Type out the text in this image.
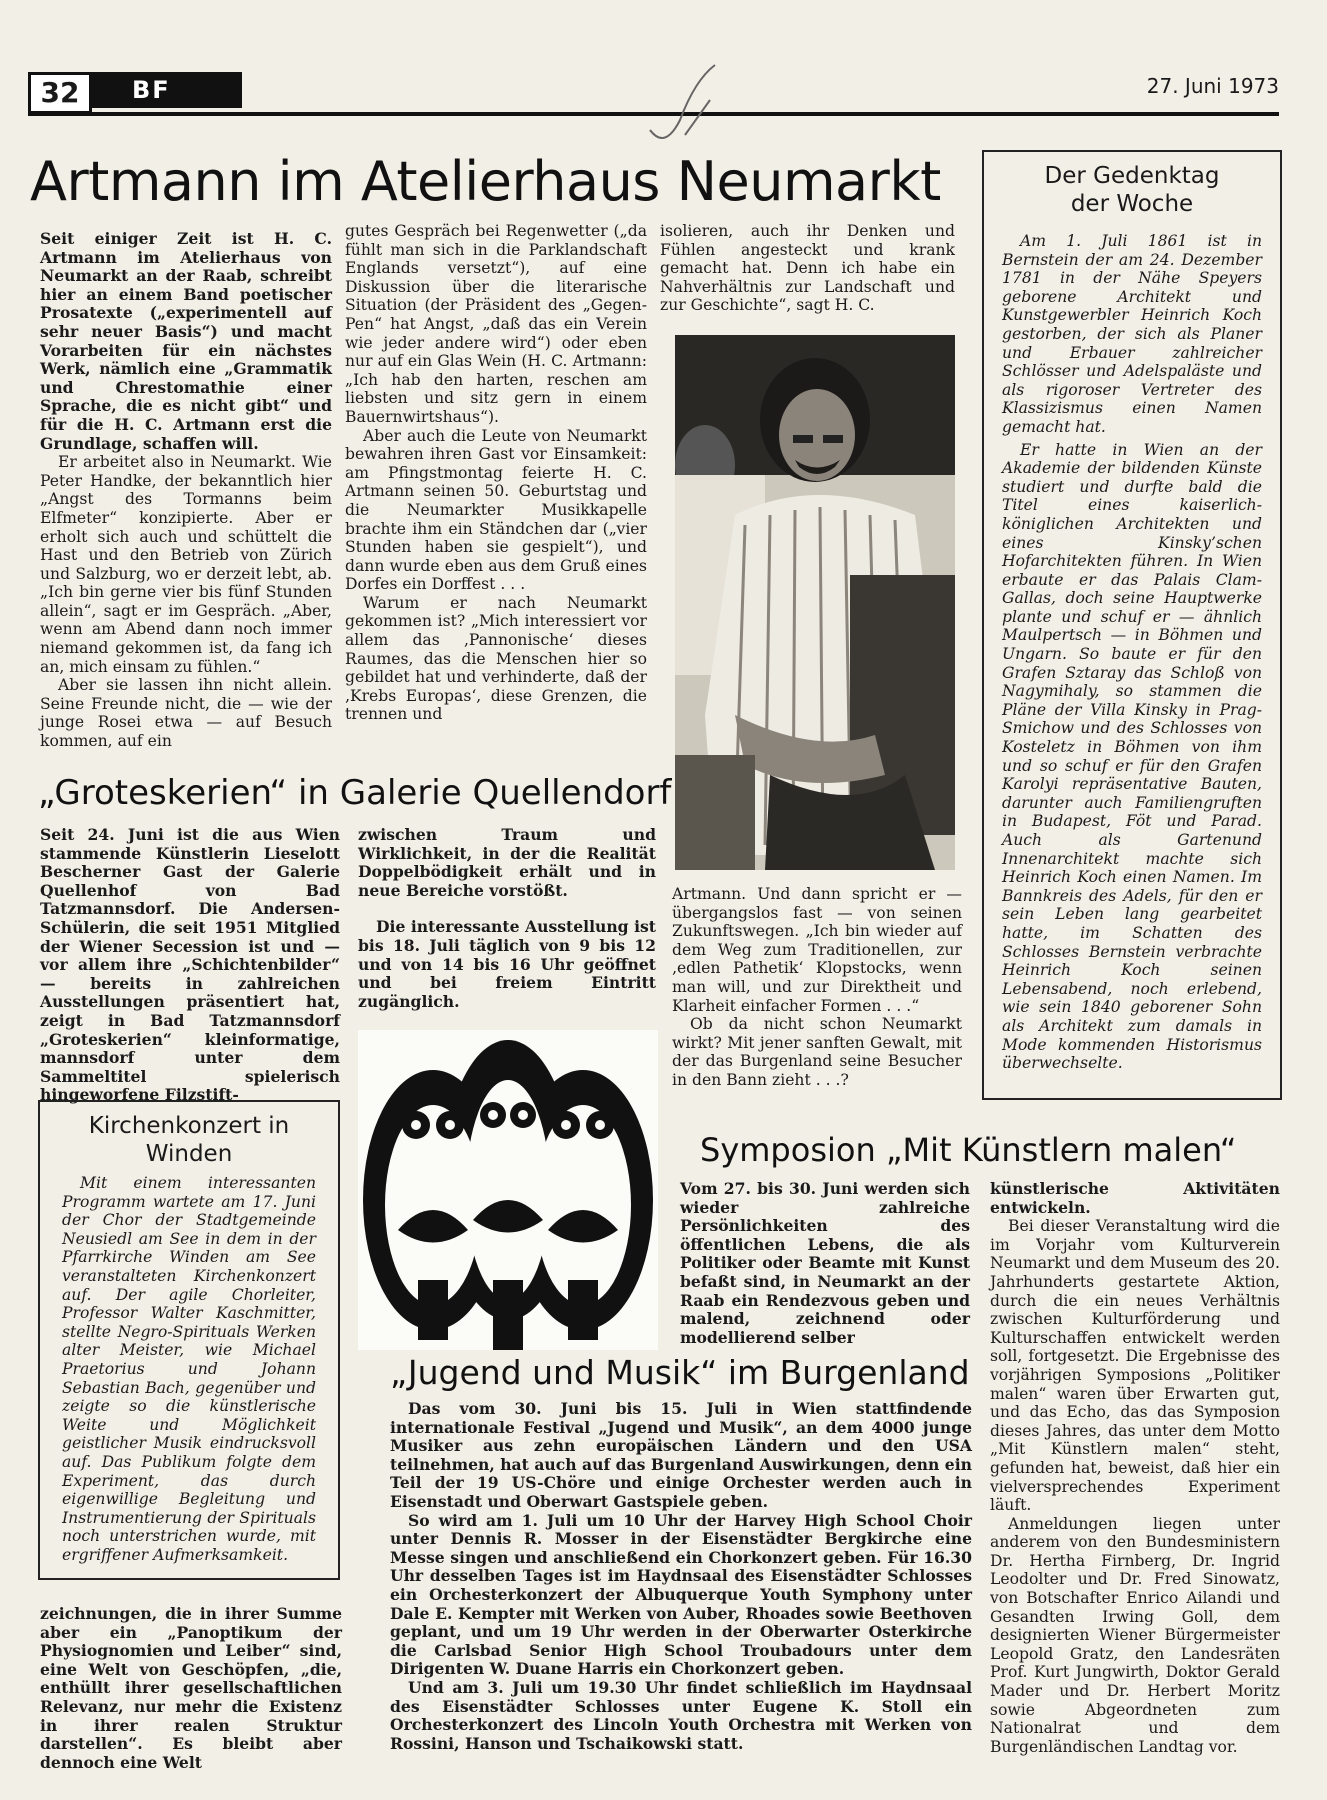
32	BF	27. Juni 1973
Artmann im Atelierhaus Neumarkt
Seit einiger Zeit ist H. C. Artmann im Atelierhaus von Neumarkt an der Raab, schreibt hier an einem Band poetischer Prosatexte („experimentell auf sehr neuer Basis“) und macht Vorarbeiten für ein nächstes Werk, nämlich eine „Grammatik und Chrestomathie einer Sprache, die es nicht gibt“ und für die H. C. Artmann erst die Grundlage, schaffen will.
Er arbeitet also in Neumarkt. Wie Peter Handke, der bekanntlich hier „Angst des Tormanns beim Elfmeter“ konzipierte. Aber er erholt sich auch und schüttelt die Hast und den Betrieb von Zürich und Salzburg, wo er derzeit lebt, ab. „Ich bin gerne vier bis fünf Stunden allein“, sagt er im Gespräch. „Aber, wenn am Abend dann noch immer niemand gekommen ist, da fang ich an, mich einsam zu fühlen.“
Aber sie lassen ihn nicht allein. Seine Freunde nicht, die — wie der junge Rosei etwa — auf Besuch kommen, auf ein
gutes Gespräch bei Regenwetter („da fühlt man sich in die Parklandschaft Englands versetzt“), auf eine Diskussion über die literarische Situation (der Präsident des „Gegen-Pen“ hat Angst, „daß das ein Verein wie jeder andere wird“) oder eben nur auf ein Glas Wein (H. C. Artmann: „Ich hab den harten, reschen am liebsten und sitz gern in einem Bauernwirtshaus“).
Aber auch die Leute von Neumarkt bewahren ihren Gast vor Einsamkeit: am Pfingstmontag feierte H. C. Artmann seinen 50. Geburtstag und die Neumarkter Musikkapelle brachte ihm ein Ständchen dar („vier Stunden haben sie gespielt“), und dann wurde eben aus dem Gruß eines Dorfes ein Dorffest . . .
Warum er nach Neumarkt gekommen ist? „Mich interessiert vor allem das ‚Pannonische‘ dieses Raumes, das die Menschen hier so gebildet hat und verhinderte, daß der ‚Krebs Europas‘, diese Grenzen, die trennen und
isolieren, auch ihr Denken und Fühlen angesteckt und krank gemacht hat. Denn ich habe ein Nahverhältnis zur Landschaft und zur Geschichte“, sagt H. C.
Artmann. Und dann spricht er — übergangslos fast — von seinen Zukunftswegen. „Ich bin wieder auf dem Weg zum Traditionellen, zur ‚edlen Pathetik‘ Klopstocks, wenn man will, und zur Direktheit und Klarheit einfacher Formen . . .“
Ob da nicht schon Neumarkt wirkt? Mit jener sanften Gewalt, mit der das Burgenland seine Besucher in den Bann zieht . . .?
Der Gedenktag
der Woche
Am 1. Juli 1861 ist in Bernstein der am 24. Dezember 1781 in der Nähe Speyers geborene Architekt und Kunstgewerbler Heinrich Koch gestorben, der sich als Planer und Erbauer zahlreicher Schlösser und Adelspaläste und als rigoroser Vertreter des Klassizismus einen Namen gemacht hat.
Er hatte in Wien an der Akademie der bildenden Künste studiert und durfte bald die Titel eines kaiserlich-königlichen Architekten und eines Kinsky’schen Hofarchitekten führen. In Wien erbaute er das Palais Clam-Gallas, doch seine Hauptwerke plante und schuf er — ähnlich Maulpertsch — in Böhmen und Ungarn. So baute er für den Grafen Sztaray das Schloß von Nagymihaly, so stammen die Pläne der Villa Kinsky in Prag-Smichow und des Schlosses von Kosteletz in Böhmen von ihm und so schuf er für den Grafen Karolyi repräsentative Bauten, darunter auch Familiengruften in Budapest, Föt und Parad. Auch als Gartenund Innenarchitekt machte sich Heinrich Koch einen Namen. Im Bannkreis des Adels, für den er sein Leben lang gearbeitet hatte, im Schatten des Schlosses Bernstein verbrachte Heinrich Koch seinen Lebensabend, noch erlebend, wie sein 1840 geborener Sohn als Architekt zum damals in Mode kommenden Historismus überwechselte.
„Groteskerien“ in Galerie Quellendorf
Seit 24. Juni ist die aus Wien stammende Künstlerin Lieselott Bescherner Gast der Galerie Quellenhof von Bad Tatzmannsdorf. Die Andersen-Schülerin, die seit 1951 Mitglied der Wiener Secession ist und — vor allem ihre „Schichtenbilder“ — bereits in zahlreichen Ausstellungen präsentiert hat, zeigt in Bad Tatzmannsdorf „Groteskerien“ kleinformatige, mannsdorf unter dem Sammeltitel spielerisch hingeworfene Filzstift-
zwischen Traum und Wirklichkeit, in der die Realität Doppelbödigkeit erhält und in neue Bereiche vorstößt.
Die interessante Ausstellung ist bis 18. Juli täglich von 9 bis 12 und von 14 bis 16 Uhr geöffnet und bei freiem Eintritt zugänglich.
Kirchenkonzert in
Winden
Mit einem interessanten Programm wartete am 17. Juni der Chor der Stadtgemeinde Neusiedl am See in dem in der Pfarrkirche Winden am See veranstalteten Kirchenkonzert auf. Der agile Chorleiter, Professor Walter Kaschmitter, stellte Negro-Spirituals Werken alter Meister, wie Michael Praetorius und Johann Sebastian Bach, gegenüber und zeigte so die künstlerische Weite und Möglichkeit geistlicher Musik eindrucksvoll auf. Das Publikum folgte dem Experiment, das durch eigenwillige Begleitung und Instrumentierung der Spirituals noch unterstrichen wurde, mit ergriffener Aufmerksamkeit.
zeichnungen, die in ihrer Summe aber ein „Panoptikum der Physiognomien und Leiber“ sind, eine Welt von Geschöpfen, „die, enthüllt ihrer gesellschaftlichen Relevanz, nur mehr die Existenz in ihrer realen Struktur darstellen“. Es bleibt aber dennoch eine Welt
Symposion „Mit Künstlern malen“
Vom 27. bis 30. Juni werden sich wieder zahlreiche Persönlichkeiten des öffentlichen Lebens, die als Politiker oder Beamte mit Kunst befaßt sind, in Neumarkt an der Raab ein Rendezvous geben und malend, zeichnend oder modellierend selber
künstlerische Aktivitäten entwickeln.
Bei dieser Veranstaltung wird die im Vorjahr vom Kulturverein Neumarkt und dem Museum des 20. Jahrhunderts gestartete Aktion, durch die ein neues Verhältnis zwischen Kulturförderung und Kulturschaffen entwickelt werden soll, fortgesetzt. Die Ergebnisse des vorjährigen Symposions „Politiker malen“ waren über Erwarten gut, und das Echo, das das Symposion dieses Jahres, das unter dem Motto „Mit Künstlern malen“ steht, gefunden hat, beweist, daß hier ein vielversprechendes Experiment läuft.
Anmeldungen liegen unter anderem von den Bundesministern Dr. Hertha Firnberg, Dr. Ingrid Leodolter und Dr. Fred Sinowatz, von Botschafter Enrico Ailandi und Gesandten Irwing Goll, dem designierten Wiener Bürgermeister Leopold Gratz, den Landesräten Prof. Kurt Jungwirth, Doktor Gerald Mader und Dr. Herbert Moritz sowie Abgeordneten zum Nationalrat und dem Burgenländischen Landtag vor.
„Jugend und Musik“ im Burgenland
Das vom 30. Juni bis 15. Juli in Wien stattfindende internationale Festival „Jugend und Musik“, an dem 4000 junge Musiker aus zehn europäischen Ländern und den USA teilnehmen, hat auch auf das Burgenland Auswirkungen, denn ein Teil der 19 US-Chöre und einige Orchester werden auch in Eisenstadt und Oberwart Gastspiele geben.
So wird am 1. Juli um 10 Uhr der Harvey High School Choir unter Dennis R. Mosser in der Eisenstädter Bergkirche eine Messe singen und anschließend ein Chorkonzert geben. Für 16.30 Uhr desselben Tages ist im Haydnsaal des Eisenstädter Schlosses ein Orchesterkonzert der Albuquerque Youth Symphony unter Dale E. Kempter mit Werken von Auber, Rhoades sowie Beethoven geplant, und um 19 Uhr werden in der Oberwarter Osterkirche die Carlsbad Senior High School Troubadours unter dem Dirigenten W. Duane Harris ein Chorkonzert geben.
Und am 3. Juli um 19.30 Uhr findet schließlich im Haydnsaal des Eisenstädter Schlosses unter Eugene K. Stoll ein Orchesterkonzert des Lincoln Youth Orchestra mit Werken von Rossini, Hanson und Tschaikowski statt.
